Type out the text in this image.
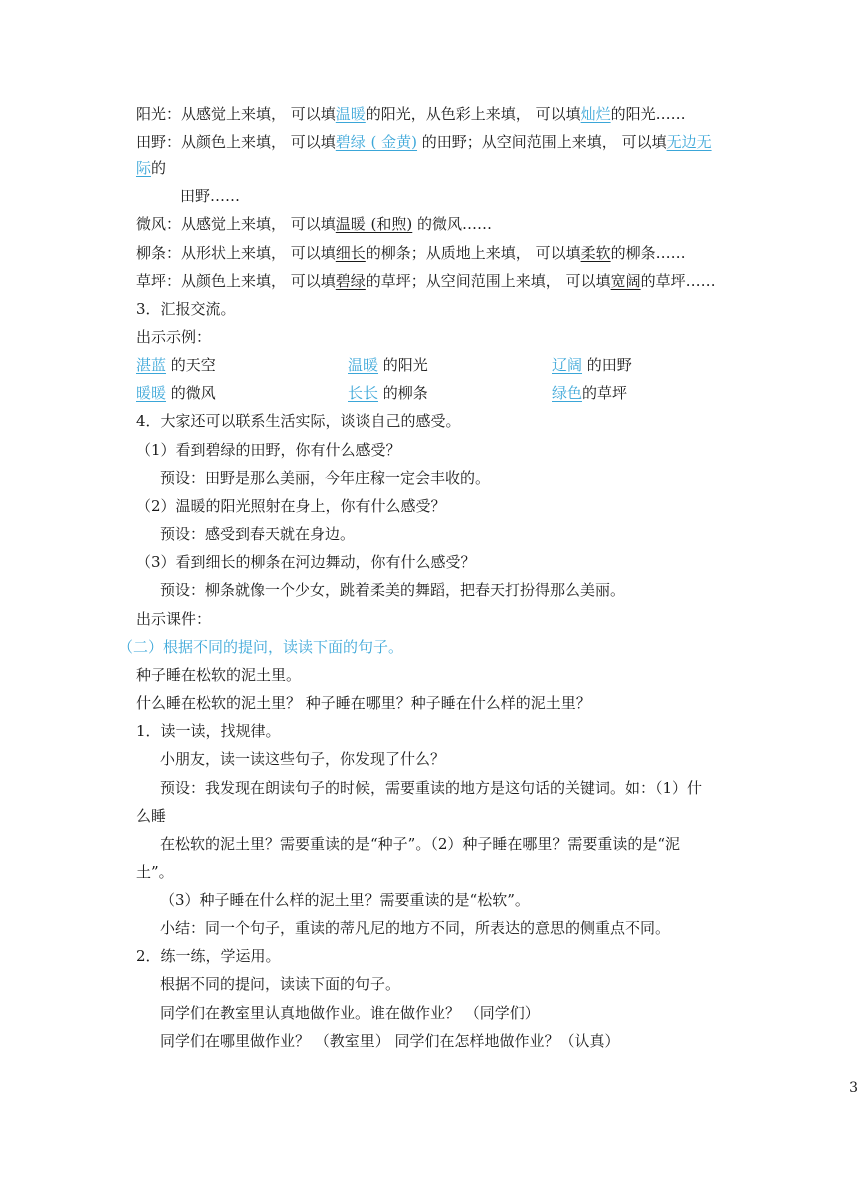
阳光：从感觉上来填， 可以填温暖的阳光，从色彩上来填， 可以填灿烂的阳光……
田野：从颜色上来填， 可以填碧绿 ( 金黄) 的田野；从空间范围上来填， 可以填无边无
际的
田野……
微风：从感觉上来填， 可以填温暖 (和煦) 的微风……
柳条：从形状上来填， 可以填细长的柳条；从质地上来填， 可以填柔软的柳条……
草坪：从颜色上来填， 可以填碧绿的草坪；从空间范围上来填， 可以填宽阔的草坪……
3．汇报交流。
出示示例：
湛蓝 的天空	温暖 的阳光	辽阔 的田野
暖暖 的微风	长长 的柳条	绿色的草坪
4．大家还可以联系生活实际，谈谈自己的感受。
（1）看到碧绿的田野，你有什么感受？
预设：田野是那么美丽，今年庄稼一定会丰收的。
（2）温暖的阳光照射在身上，你有什么感受？
预设：感受到春天就在身边。
（3）看到细长的柳条在河边舞动，你有什么感受？
预设：柳条就像一个少女，跳着柔美的舞蹈，把春天打扮得那么美丽。
出示课件：
（二）根据不同的提问，读读下面的句子。
种子睡在松软的泥土里。
什么睡在松软的泥土里？ 种子睡在哪里？种子睡在什么样的泥土里？
1．读一读，找规律。
小朋友，读一读这些句子，你发现了什么？
预设：我发现在朗读句子的时候，需要重读的地方是这句话的关键词。如：（1）什
么睡
在松软的泥土里？需要重读的是“种子”。（2）种子睡在哪里？需要重读的是“泥
土”。
（3）种子睡在什么样的泥土里？需要重读的是“松软”。
小结：同一个句子，重读的蒂凡尼的地方不同，所表达的意思的侧重点不同。
2．练一练，学运用。
根据不同的提问，读读下面的句子。
同学们在教室里认真地做作业。谁在做作业？ （同学们）
同学们在哪里做作业？ （教室里） 同学们在怎样地做作业？（认真）
3
